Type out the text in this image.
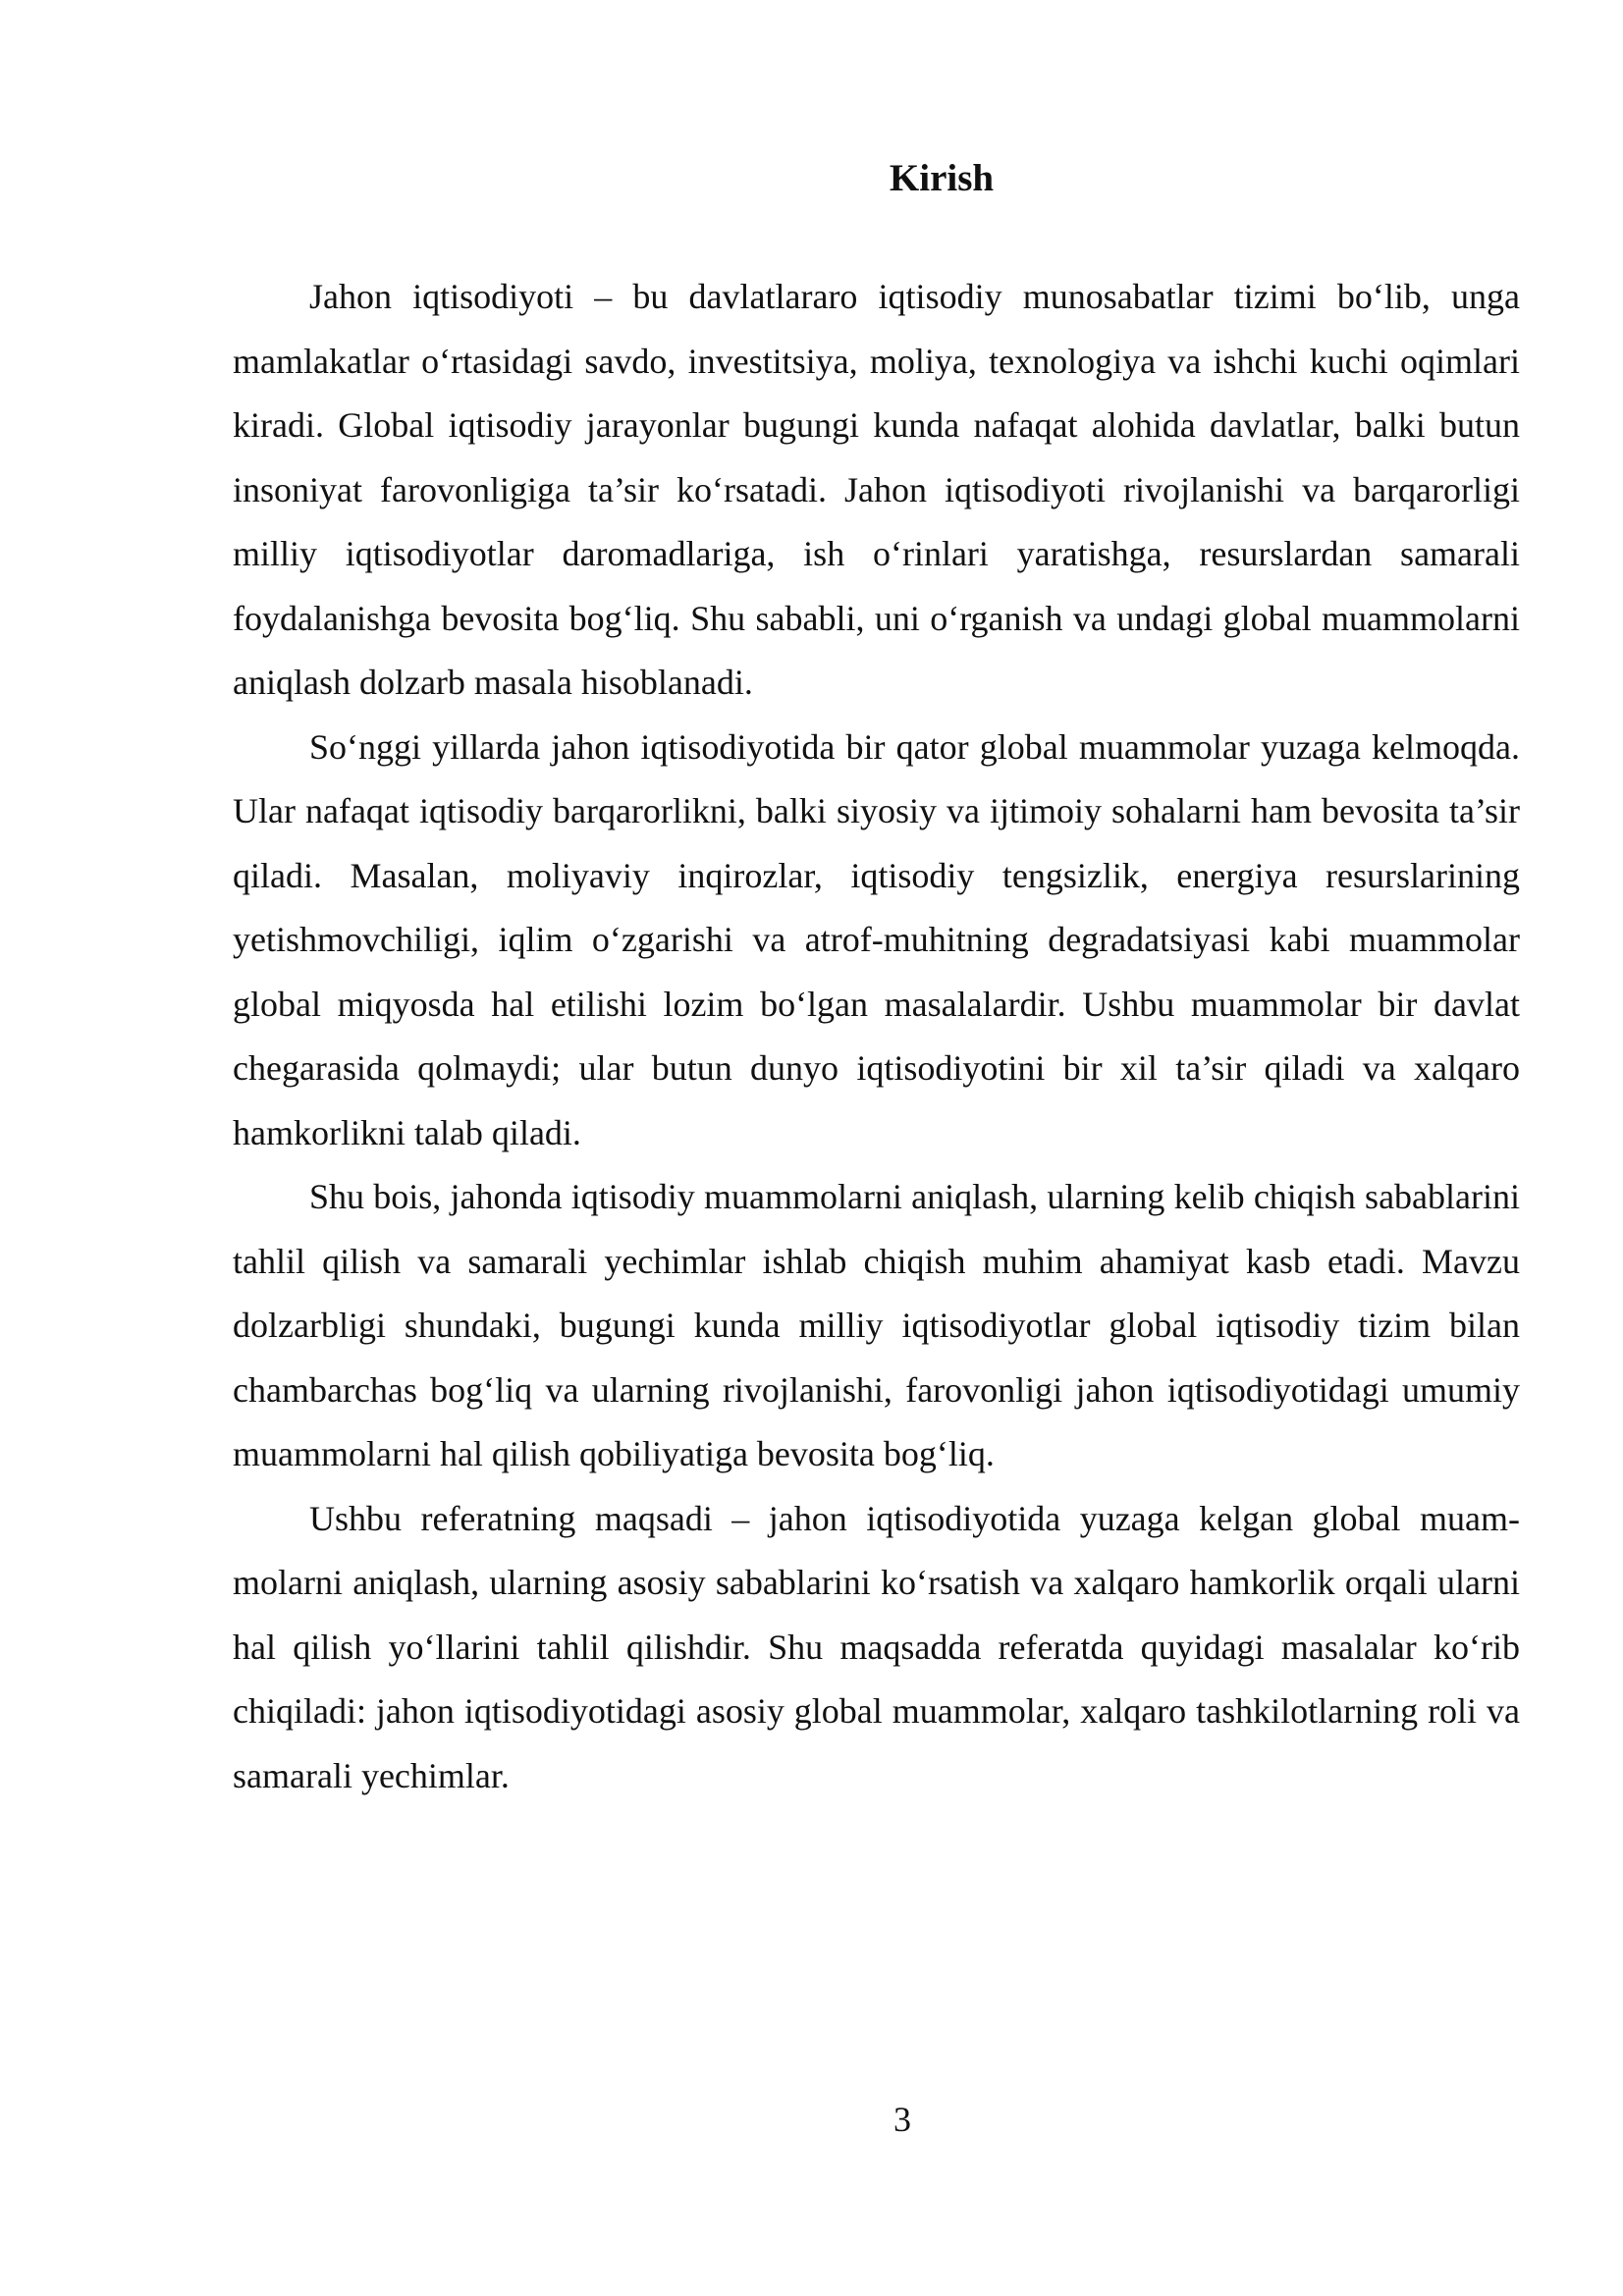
Kirish

Jahon iqtisodiyoti – bu davlatlararo iqtisodiy munosabatlar tizimi bo‘lib, unga mamlakatlar o‘rtasidagi savdo, investitsiya, moliya, texnologiya va ishchi kuchi oqimlari kiradi. Global iqtisodiy jarayonlar bugungi kunda nafaqat alohida davlatlar, balki butun insoniyat farovonligiga ta’sir ko‘rsatadi. Jahon iqtisodiyoti rivojlanishi va barqarorligi milliy iqtisodiyotlar daromadlariga, ish o‘rinlari yaratishga, resurslardan samarali foydalanishga bevosita bog‘liq. Shu sababli, uni o‘rganish va undagi global muammolarni aniqlash dolzarb masala hisoblanadi.

So‘nggi yillarda jahon iqtisodiyotida bir qator global muammolar yuzaga kelmoqda. Ular nafaqat iqtisodiy barqarorlikni, balki siyosiy va ijtimoiy sohalarni ham bevosita ta’sir qiladi. Masalan, moliyaviy inqirozlar, iqtisodiy tengsizlik, energiya resurslarining yetishmovchiligi, iqlim o‘zgarishi va atrof-muhitning degradatsiyasi kabi muammolar global miqyosda hal etilishi lozim bo‘lgan masalalardir. Ushbu muammolar bir davlat chegarasida qolmaydi; ular butun dunyo iqtisodiyotini bir xil ta’sir qiladi va xalqaro hamkorlikni talab qiladi.

Shu bois, jahonda iqtisodiy muammolarni aniqlash, ularning kelib chiqish sabablarini tahlil qilish va samarali yechimlar ishlab chiqish muhim ahamiyat kasb etadi. Mavzu dolzarbligi shundaki, bugungi kunda milliy iqtisodiyotlar global iqtisodiy tizim bilan chambarchas bog‘liq va ularning rivojlanishi, farovonligi jahon iqtisodiyotidagi umumiy muammolarni hal qilish qobiliyatiga bevosita bog‘liq.

Ushbu referatning maqsadi – jahon iqtisodiyotida yuzaga kelgan global muammolarni aniqlash, ularning asosiy sabablarini ko‘rsatish va xalqaro hamkorlik orqali ularni hal qilish yo‘llarini tahlil qilishdir. Shu maqsadda referatda quyidagi masalalar ko‘rib chiqiladi: jahon iqtisodiyotidagi asosiy global muammolar, xalqaro tashkilotlarning roli va samarali yechimlar.

3
